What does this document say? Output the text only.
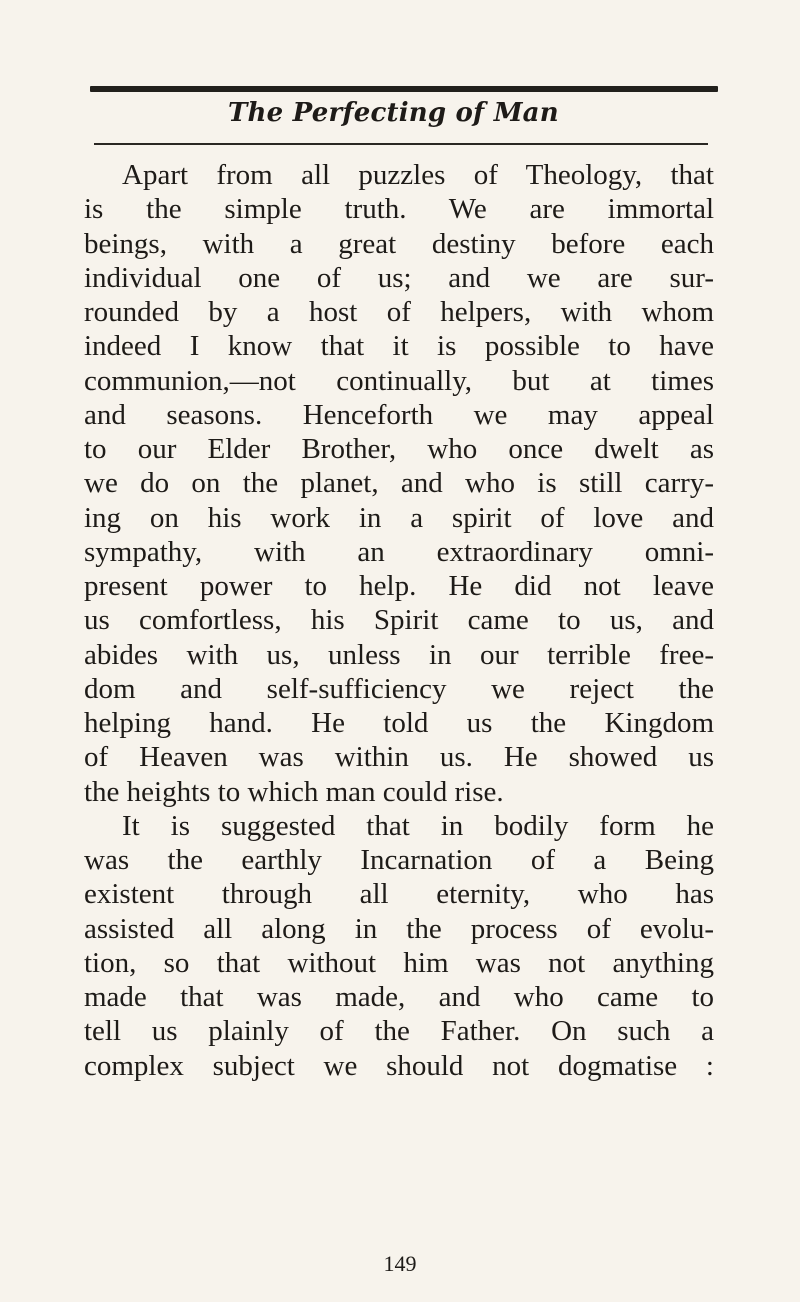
The Perfecting of Man
Apart from all puzzles of Theology, that
is the simple truth. We are immortal
beings, with a great destiny before each
individual one of us; and we are sur-
rounded by a host of helpers, with whom
indeed I know that it is possible to have
communion,—not continually, but at times
and seasons. Henceforth we may appeal
to our Elder Brother, who once dwelt as
we do on the planet, and who is still carry-
ing on his work in a spirit of love and
sympathy, with an extraordinary omni-
present power to help. He did not leave
us comfortless, his Spirit came to us, and
abides with us, unless in our terrible free-
dom and self-sufficiency we reject the
helping hand. He told us the Kingdom
of Heaven was within us. He showed us
the heights to which man could rise.
It is suggested that in bodily form he
was the earthly Incarnation of a Being
existent through all eternity, who has
assisted all along in the process of evolu-
tion, so that without him was not anything
made that was made, and who came to
tell us plainly of the Father. On such a
complex subject we should not dogmatise :
149
